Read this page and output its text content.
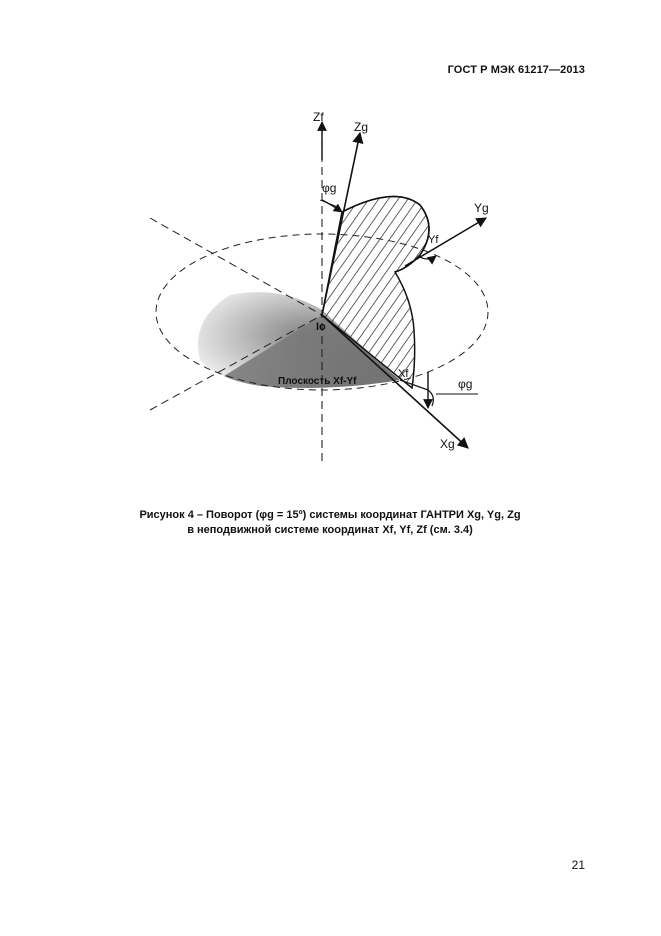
ГОСТ Р МЭК 61217—2013
Zf
Zg
Yg
Yf
φg
Io
Xf
φg
Xg
Плоскость Xf-Yf
Рисунок 4 – Поворот (φg = 15º) системы координат ГАНТРИ Xg, Yg, Zg
в неподвижной системе координат Xf, Yf, Zf (см. 3.4)
21
